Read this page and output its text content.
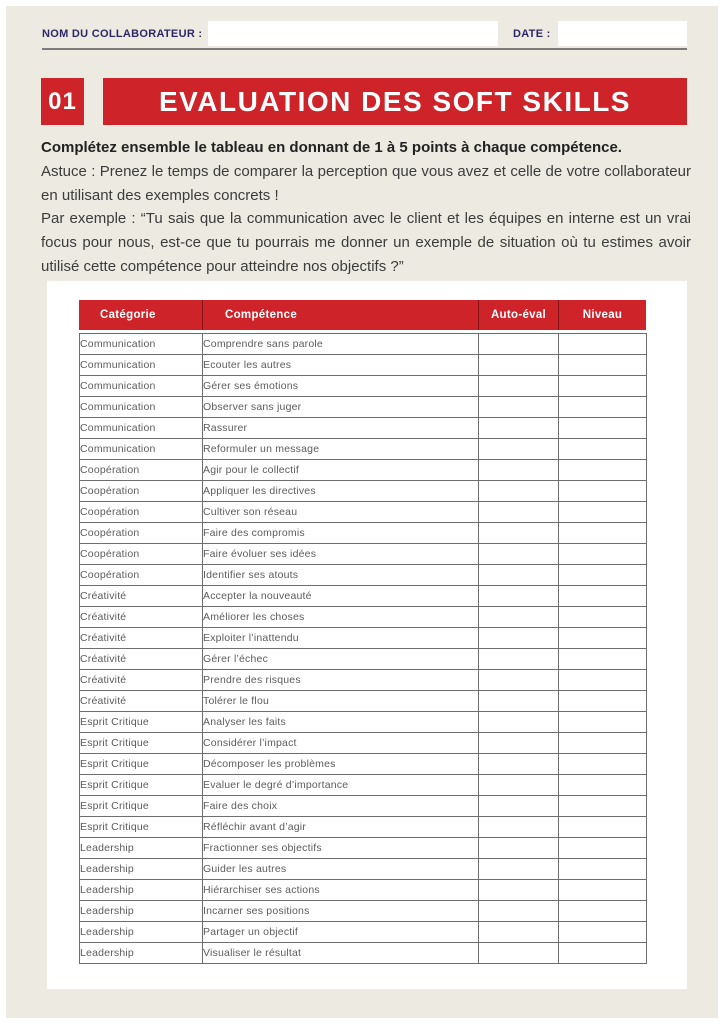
NOM DU COLLABORATEUR :	DATE :
01	EVALUATION DES SOFT SKILLS

Complétez ensemble le tableau en donnant de 1 à 5 points à chaque compétence.

Astuce : Prenez le temps de comparer la perception que vous avez et celle de votre collaborateur en utilisant des exemples concrets !

Par exemple : “Tu sais que la communication avec le client et les équipes en interne est un vrai focus pour nous, est-ce que tu pourrais me donner un exemple de situation où tu estimes avoir utilisé cette compétence pour atteindre nos objectifs ?”

Catégorie	Compétence	Auto-éval	Niveau
Communication	Comprendre sans parole		
Communication	Ecouter les autres		
Communication	Gérer ses émotions		
Communication	Observer sans juger		
Communication	Rassurer		
Communication	Reformuler un message		
Coopération	Agir pour le collectif		
Coopération	Appliquer les directives		
Coopération	Cultiver son réseau		
Coopération	Faire des compromis		
Coopération	Faire évoluer ses idées		
Coopération	Identifier ses atouts		
Créativité	Accepter la nouveauté		
Créativité	Améliorer les choses		
Créativité	Exploiter l’inattendu		
Créativité	Gérer l’échec		
Créativité	Prendre des risques		
Créativité	Tolérer le flou		
Esprit Critique	Analyser les faits		
Esprit Critique	Considérer l’impact		
Esprit Critique	Décomposer les problèmes		
Esprit Critique	Evaluer le degré d’importance		
Esprit Critique	Faire des choix		
Esprit Critique	Réfléchir avant d’agir		
Leadership	Fractionner ses objectifs		
Leadership	Guider les autres		
Leadership	Hiérarchiser ses actions		
Leadership	Incarner ses positions		
Leadership	Partager un objectif		
Leadership	Visualiser le résultat		
